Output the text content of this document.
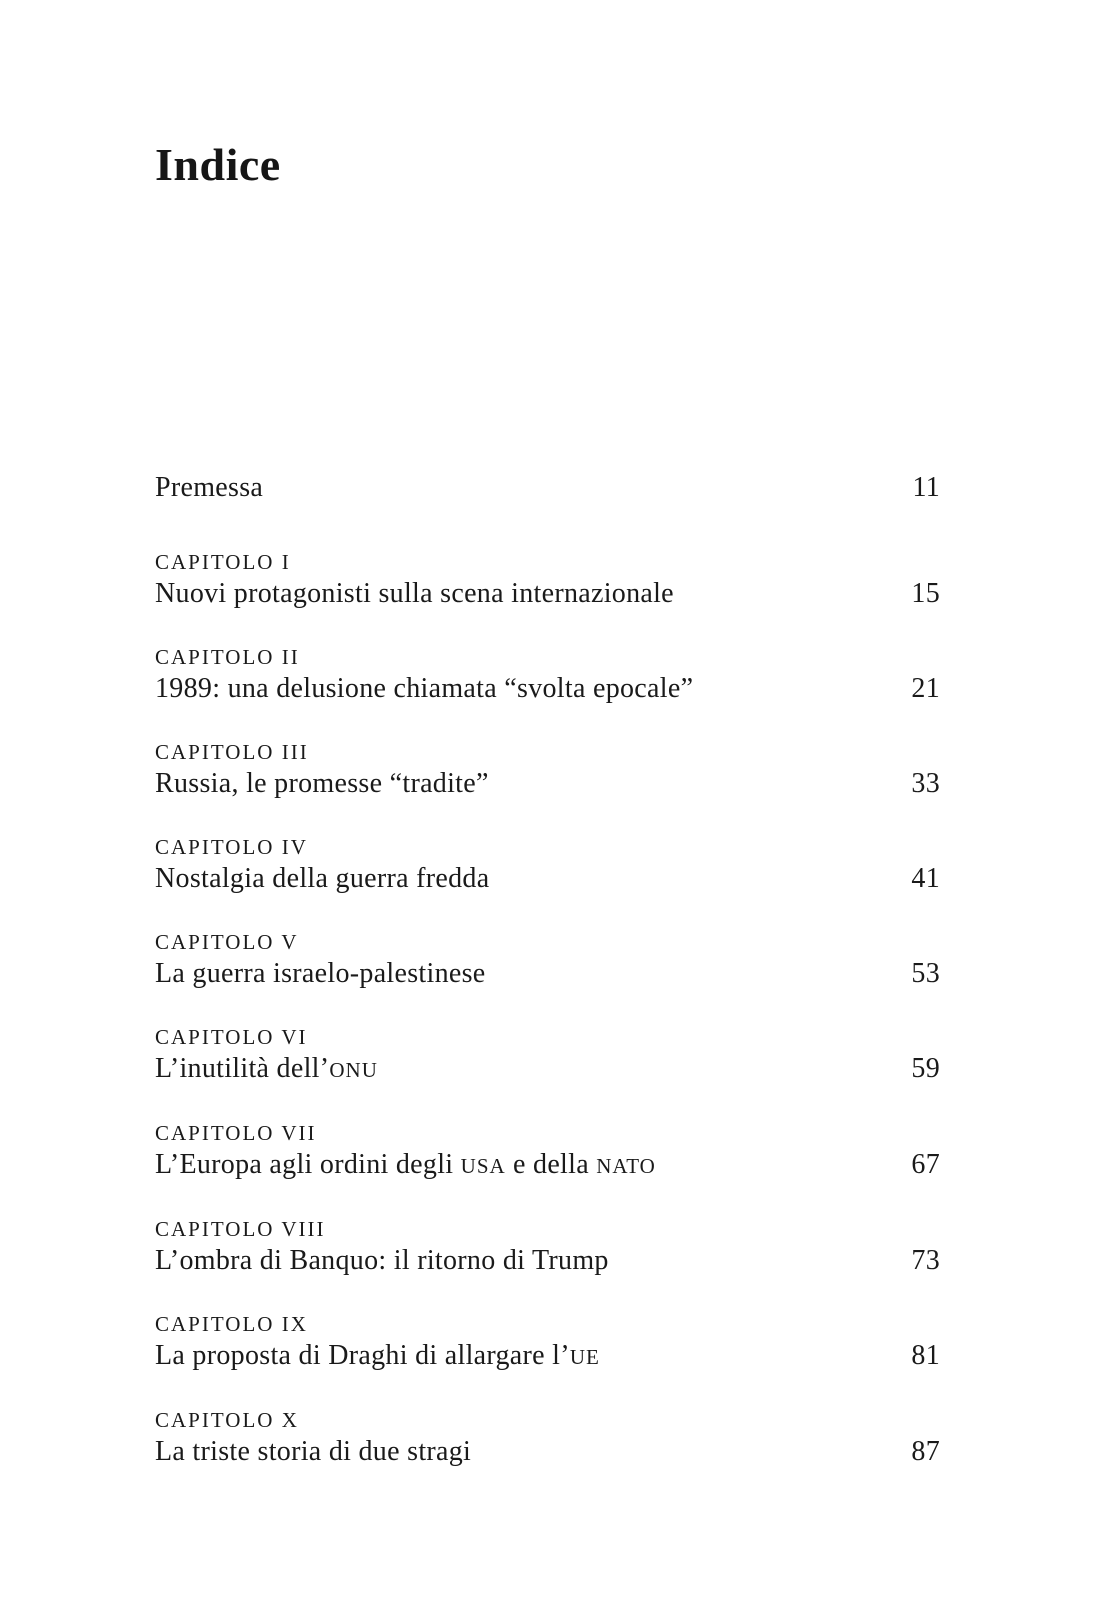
Indice
Premessa	11
CAPITOLO I
Nuovi protagonisti sulla scena internazionale	15
CAPITOLO II
1989: una delusione chiamata “svolta epocale”	21
CAPITOLO III
Russia, le promesse “tradite”	33
CAPITOLO IV
Nostalgia della guerra fredda	41
CAPITOLO V
La guerra israelo-palestinese	53
CAPITOLO VI
L’inutilità dell’ONU	59
CAPITOLO VII
L’Europa agli ordini degli USA e della NATO	67
CAPITOLO VIII
L’ombra di Banquo: il ritorno di Trump	73
CAPITOLO IX
La proposta di Draghi di allargare l’UE	81
CAPITOLO X
La triste storia di due stragi	87
